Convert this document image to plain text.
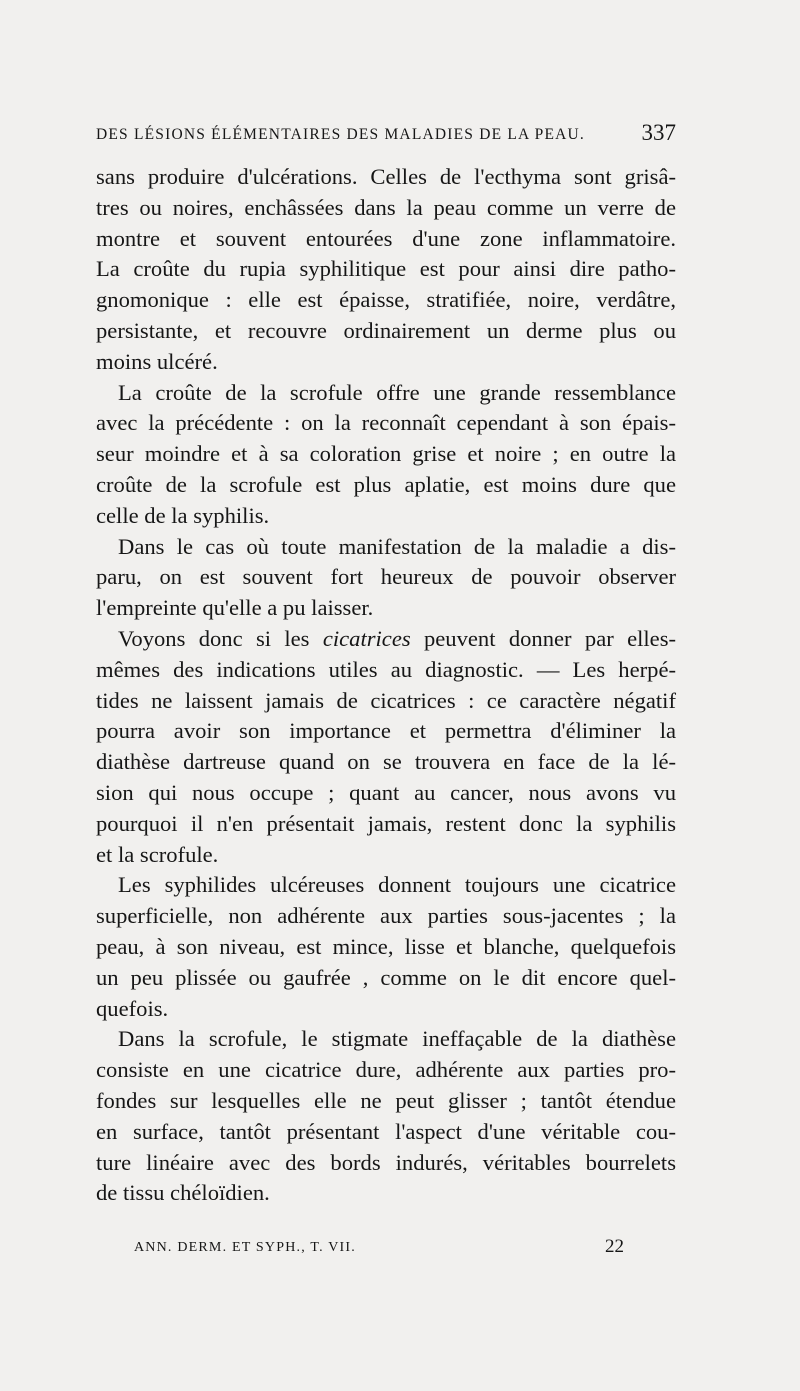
DES LÉSIONS ÉLÉMENTAIRES DES MALADIES DE LA PEAU. 337
sans produire d'ulcérations. Celles de l'ecthyma sont grisâ-
tres ou noires, enchâssées dans la peau comme un verre de
montre et souvent entourées d'une zone inflammatoire.
La croûte du rupia syphilitique est pour ainsi dire patho-
gnomonique : elle est épaisse, stratifiée, noire, verdâtre,
persistante, et recouvre ordinairement un derme plus ou
moins ulcéré.
La croûte de la scrofule offre une grande ressemblance
avec la précédente : on la reconnaît cependant à son épais-
seur moindre et à sa coloration grise et noire ; en outre la
croûte de la scrofule est plus aplatie, est moins dure que
celle de la syphilis.
Dans le cas où toute manifestation de la maladie a dis-
paru, on est souvent fort heureux de pouvoir observer
l'empreinte qu'elle a pu laisser.
Voyons donc si les cicatrices peuvent donner par elles-
mêmes des indications utiles au diagnostic. — Les herpé-
tides ne laissent jamais de cicatrices : ce caractère négatif
pourra avoir son importance et permettra d'éliminer la
diathèse dartreuse quand on se trouvera en face de la lé-
sion qui nous occupe ; quant au cancer, nous avons vu
pourquoi il n'en présentait jamais, restent donc la syphilis
et la scrofule.
Les syphilides ulcéreuses donnent toujours une cicatrice
superficielle, non adhérente aux parties sous-jacentes ; la
peau, à son niveau, est mince, lisse et blanche, quelquefois
un peu plissée ou gaufrée , comme on le dit encore quel-
quefois.
Dans la scrofule, le stigmate ineffaçable de la diathèse
consiste en une cicatrice dure, adhérente aux parties pro-
fondes sur lesquelles elle ne peut glisser ; tantôt étendue
en surface, tantôt présentant l'aspect d'une véritable cou-
ture linéaire avec des bords indurés, véritables bourrelets
de tissu chéloïdien.
ANN. DERM. ET SYPH., T. VII.	22
